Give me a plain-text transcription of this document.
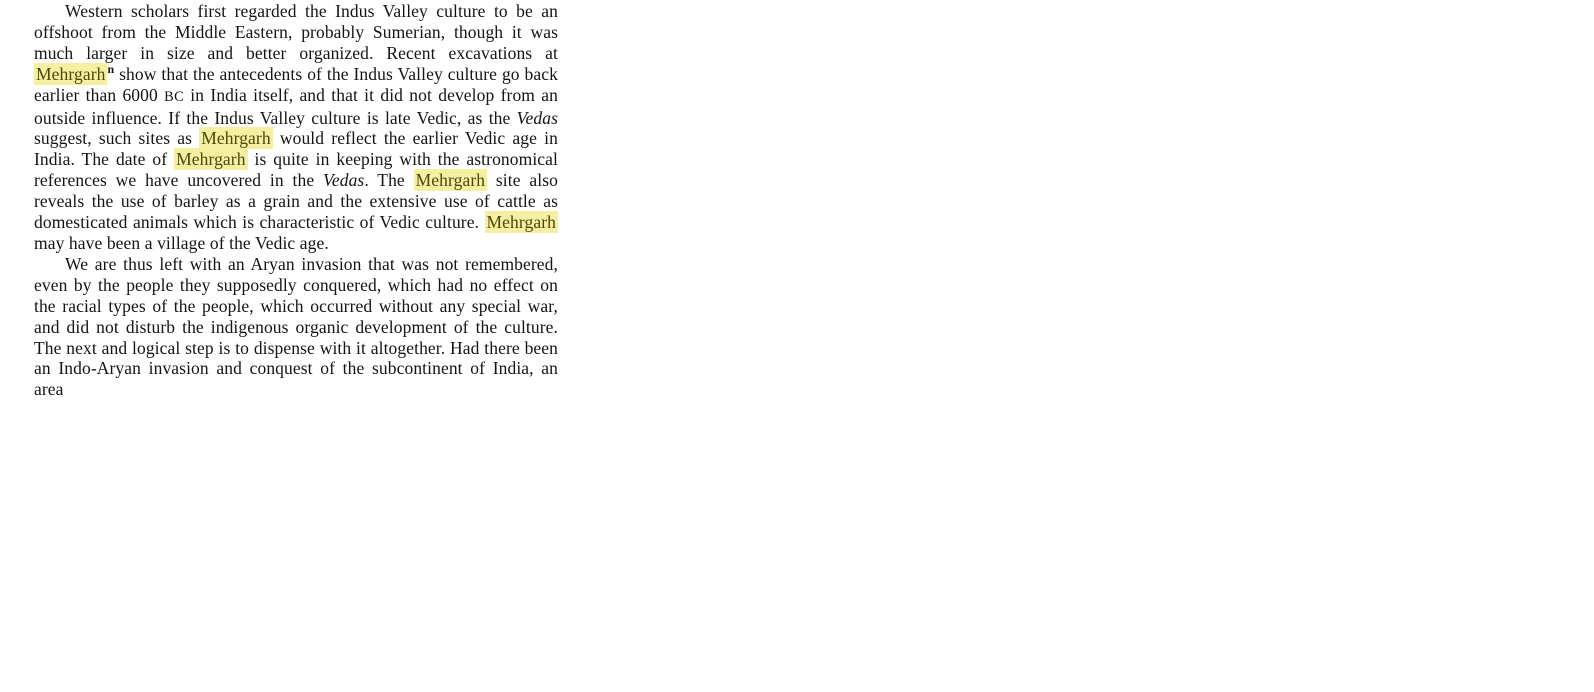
Western scholars first regarded the Indus Valley culture to be an offshoot from the Middle Eastern, probably Sumerian, though it was much larger in size and better organized. Recent excavations at Mehrgarh $^n$ show that the antecedents of the Indus Valley culture go back earlier than 6000 BC in India itself, and that it did not develop from an outside influence. If the Indus Valley culture is late Vedic, as the Vedas suggest, such sites as Mehrgarh would reflect the earlier Vedic age in India. The date of Mehrgarh is quite in keeping with the astronomical references we have uncovered in the Vedas. The Mehrgarh site also reveals the use of barley as a grain and the extensive use of cattle as domesticated animals which is characteristic of Vedic culture. Mehrgarh may have been a village of the Vedic age.

We are thus left with an Aryan invasion that was not remembered, even by the people they supposedly conquered, which had no effect on the racial types of the people, which occurred without any special war, and did not disturb the indigenous organic development of the culture. The next and logical step is to dispense with it altogether. Had there been an Indo-Aryan invasion and conquest of the subcontinent of India, an area
